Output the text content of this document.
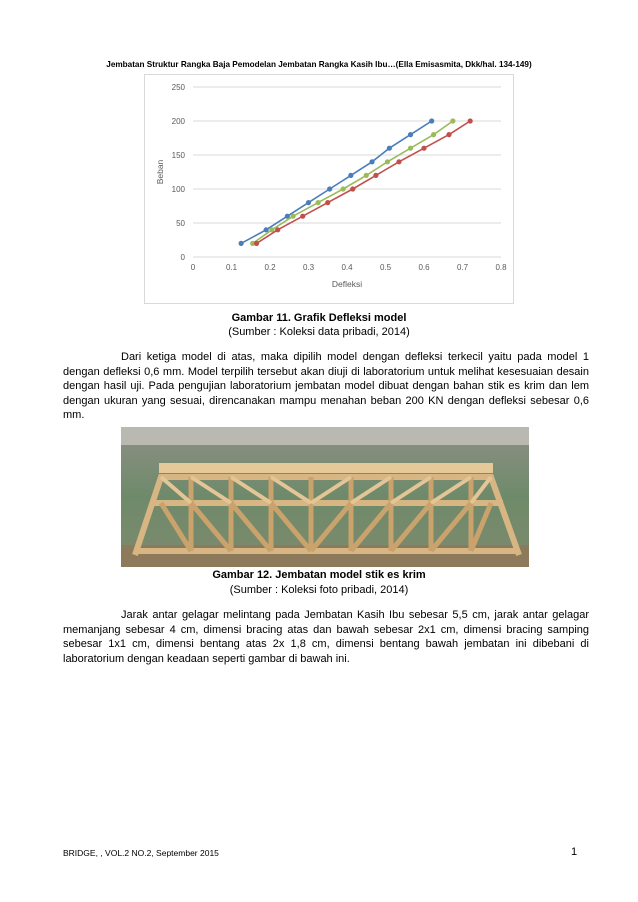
Jembatan Struktur Rangka Baja Pemodelan Jembatan Rangka Kasih Ibu…(Ella Emisasmita, Dkk/hal. 134-149)
0
50
100
150
200
250
0	0.1	0.2	0.3	0.4	0.5	0.6	0.7	0.8
Defleksi
Beban
Gambar 11. Grafik Defleksi model
(Sumber : Koleksi data pribadi, 2014)
Dari ketiga model di atas, maka dipilih model dengan defleksi terkecil yaitu pada model 1 dengan defleksi 0,6 mm. Model terpilih tersebut akan diuji di laboratorium untuk melihat kesesuaian desain dengan hasil uji. Pada pengujian laboratorium jembatan model dibuat dengan bahan stik es krim dan lem dengan ukuran yang sesuai, direncanakan mampu menahan beban 200 KN dengan defleksi sebesar 0,6 mm.
Gambar 12. Jembatan model stik es krim
(Sumber : Koleksi foto pribadi, 2014)
Jarak antar gelagar melintang pada Jembatan Kasih Ibu sebesar 5,5 cm, jarak antar gelagar memanjang sebesar 4 cm, dimensi bracing atas dan bawah sebesar 2x1 cm, dimensi bracing samping sebesar 1x1 cm, dimensi bentang atas 2x 1,8 cm, dimensi bentang bawah jembatan ini dibebani di laboratorium dengan keadaan seperti gambar di bawah ini.
BRIDGE, , VOL.2 NO.2, September 2015	1
